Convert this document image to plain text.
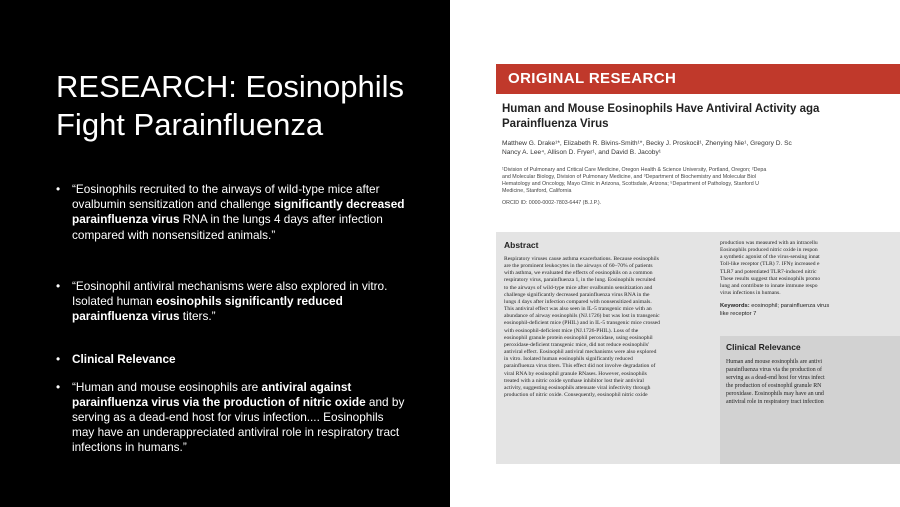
RESEARCH: Eosinophils Fight Parainfluenza
• “Eosinophils recruited to the airways of wild-type mice after ovalbumin sensitization and challenge significantly decreased parainfluenza virus RNA in the lungs 4 days after infection compared with nonsensitized animals.”
• “Eosinophil antiviral mechanisms were also explored in vitro. Isolated human eosinophils significantly reduced parainfluenza virus titers.”
• Clinical Relevance
• “Human and mouse eosinophils are antiviral against parainfluenza virus via the production of nitric oxide and by serving as a dead-end host for virus infection.... Eosinophils may have an underappreciated antiviral role in respiratory tract infections in humans.”
ORIGINAL RESEARCH
Human and Mouse Eosinophils Have Antiviral Activity aga
Parainfluenza Virus
Matthew G. Drake¹*, Elizabeth R. Bivins-Smith¹*, Becky J. Proskocil¹, Zhenying Nie¹, Gregory D. Sc
Nancy A. Lee⁴, Allison D. Fryer¹, and David B. Jacoby¹
¹Division of Pulmonary and Critical Care Medicine, Oregon Health & Science University, Portland, Oregon; ²Depa
and Molecular Biology, Division of Pulmonary Medicine, and ³Department of Biochemistry and Molecular Biol
Hematology and Oncology, Mayo Clinic in Arizona, Scottsdale, Arizona; ⁵Department of Pathology, Stanford U
Medicine, Stanford, California
ORCID ID: 0000-0002-7803-6447 (B.J.P.).
Abstract
Respiratory viruses cause asthma exacerbations. Because eosinophils
are the prominent leukocytes in the airways of 60–70% of patients
with asthma, we evaluated the effects of eosinophils on a common
respiratory virus, parainfluenza 1, in the lung. Eosinophils recruited
to the airways of wild-type mice after ovalbumin sensitization and
challenge significantly decreased parainfluenza virus RNA in the
lungs 4 days after infection compared with nonsensitized animals.
This antiviral effect was also seen in IL-5 transgenic mice with an
abundance of airway eosinophils (NJ.1726) but was lost in transgenic
eosinophil-deficient mice (PHIL) and in IL-5 transgenic mice crossed
with eosinophil-deficient mice (NJ.1726-PHIL). Loss of the
eosinophil granule protein eosinophil peroxidase, using eosinophil
peroxidase-deficient transgenic mice, did not reduce eosinophils'
antiviral effect. Eosinophil antiviral mechanisms were also explored
in vitro. Isolated human eosinophils significantly reduced
parainfluenza virus titers. This effect did not involve degradation of
viral RNA by eosinophil granule RNases. However, eosinophils
treated with a nitric oxide synthase inhibitor lost their antiviral
activity, suggesting eosinophils attenuate viral infectivity through
production of nitric oxide. Consequently, eosinophil nitric oxide
production was measured with an intracellu
Eosinophils produced nitric oxide in respon
a synthetic agonist of the virus-sensing innat
Toll-like receptor (TLR) 7. IFNγ increased e
TLR7 and potentiated TLR7-induced nitric
These results suggest that eosinophils promo
lung and contribute to innate immune respo
virus infections in humans.
Keywords: eosinophil; parainfluenza virus
like receptor 7
Clinical Relevance
Human and mouse eosinophils are antivi
parainfluenza virus via the production of
serving as a dead-end host for virus infect
the production of eosinophil granule RN
peroxidase. Eosinophils may have an und
antiviral role in respiratory tract infection
